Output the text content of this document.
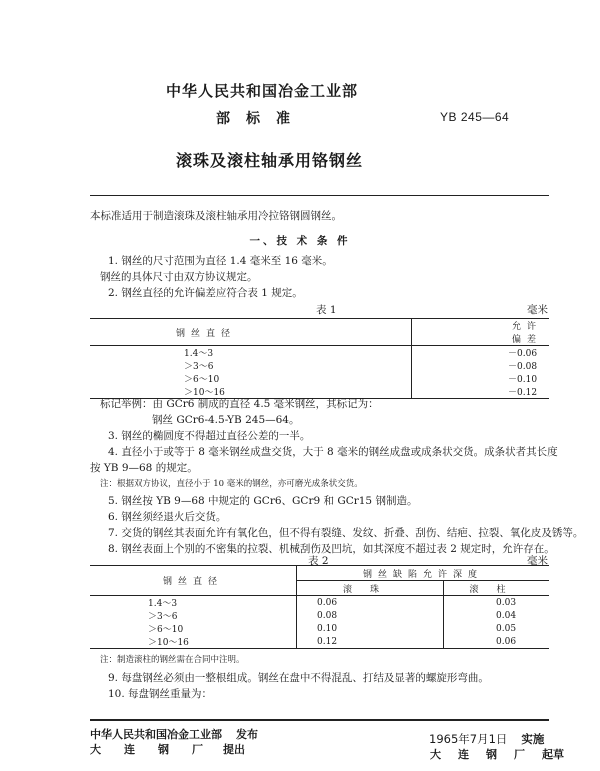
中华人民共和国冶金工业部
部标准	YB 245—64
滚珠及滚柱轴承用铬钢丝
本标准适用于制造滚珠及滚柱轴承用冷拉铬钢圆钢丝。
一、技 术 条 件
1. 钢丝的尺寸范围为直径 1.4 毫米至 16 毫米。
钢丝的具体尺寸由双方协议规定。
2. 钢丝直径的允许偏差应符合表 1 规定。
表 1	毫米
钢丝直径	允许偏差
1.4～3	－0.06
＞3～6	－0.08
＞6～10	－0.10
＞10～16	－0.12
标记举例：由 GCr6 制成的直径 4.5 毫米钢丝，其标记为：
钢丝 GCr6-4.5-YB 245—64。
3. 钢丝的椭圆度不得超过直径公差的一半。
4. 直径小于或等于 8 毫米钢丝成盘交货，大于 8 毫米的钢丝成盘或成条状交货。成条状者其长度
按 YB 9—68 的规定。
注：根据双方协议，直径小于 10 毫米的钢丝，亦可磨光成条状交货。
5. 钢丝按 YB 9—68 中规定的 GCr6、GCr9 和 GCr15 钢制造。
6. 钢丝须经退火后交货。
7. 交货的钢丝其表面允许有氧化色，但不得有裂缝、发纹、折叠、刮伤、结疤、拉裂、氧化皮及锈等。
8. 钢丝表面上个别的不密集的拉裂、机械刮伤及凹坑，如其深度不超过表 2 规定时，允许存在。
表 2	毫米
钢丝直径	钢丝缺陷允许深度	
	滚珠	滚柱
1.4～3	0.06	0.03
＞3～6	0.08	0.04
＞6～10	0.10	0.05
＞10～16	0.12	0.06
注：制造滚柱的钢丝需在合同中注明。
9. 每盘钢丝必须由一整根组成。钢丝在盘中不得混乱、打结及显著的螺旋形弯曲。
10. 每盘钢丝重量为：
中华人民共和国冶金工业部 发布
大　连　钢　厂 提出
1965年7月1日 实施
大　连　钢　厂 起草
